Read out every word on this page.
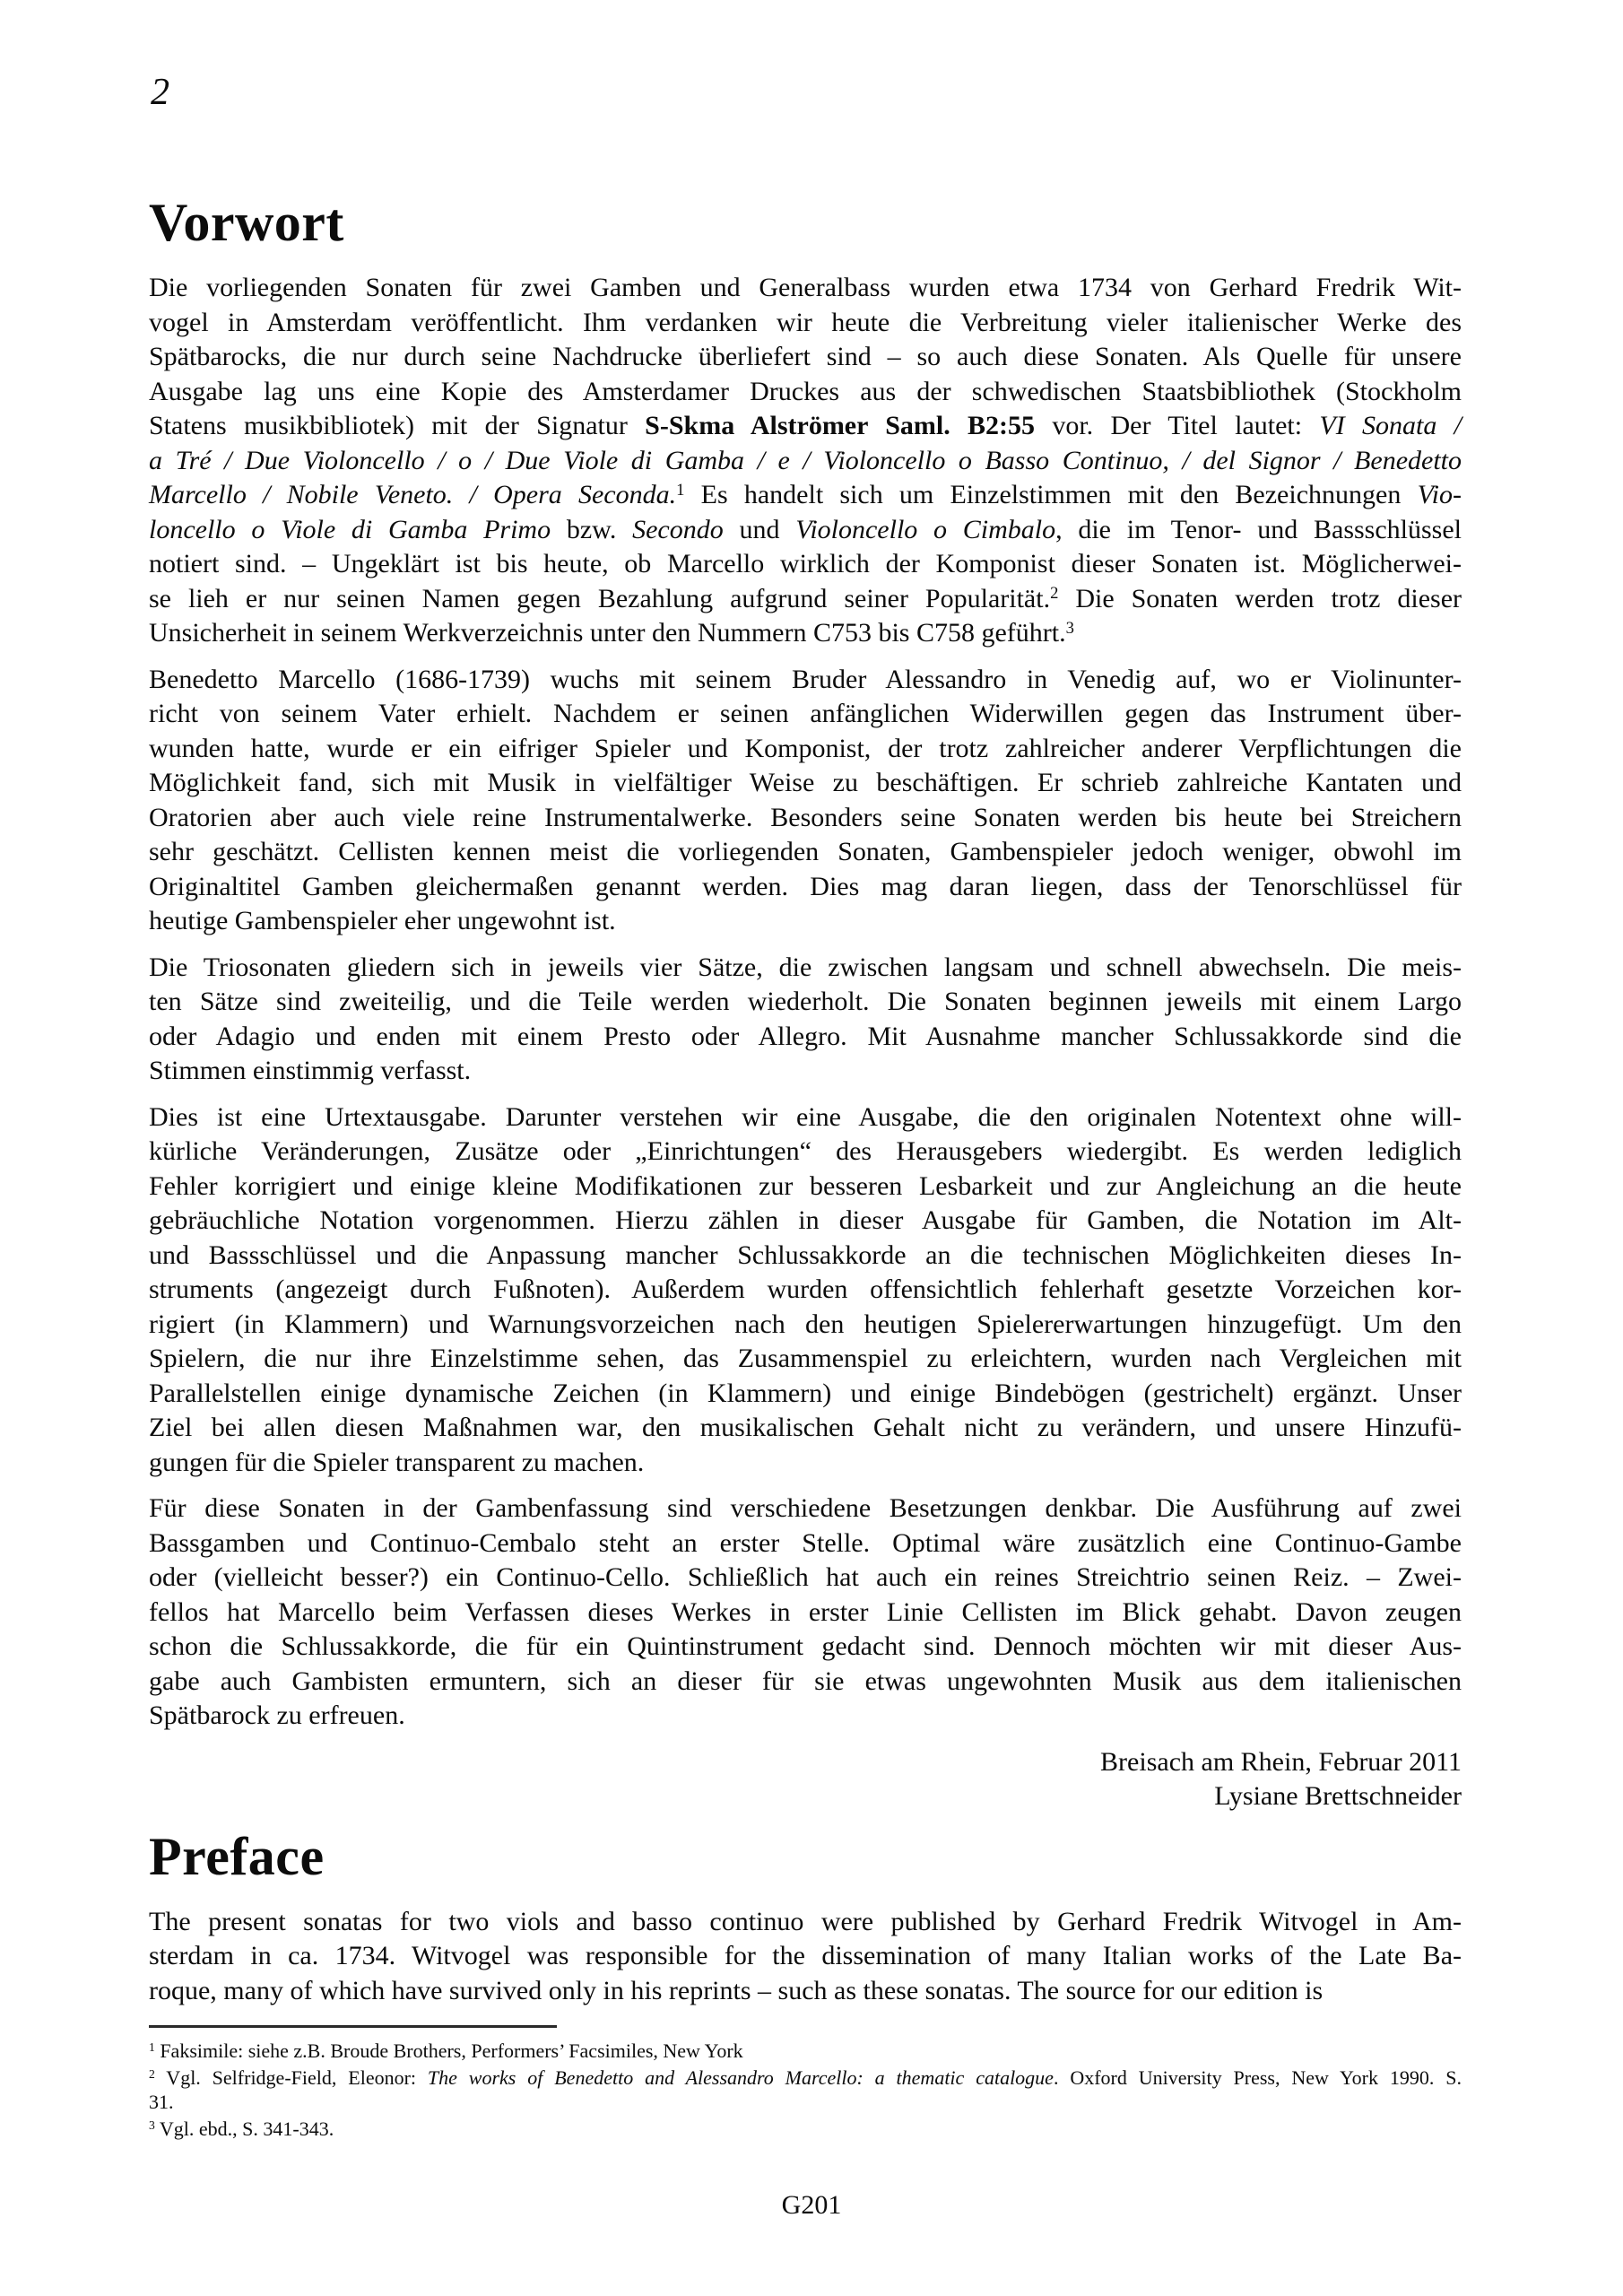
2
Vorwort
Die vorliegenden Sonaten für zwei Gamben und Generalbass wurden etwa 1734 von Gerhard Fredrik Wit-
vogel in Amsterdam veröffentlicht. Ihm verdanken wir heute die Verbreitung vieler italienischer Werke des
Spätbarocks, die nur durch seine Nachdrucke überliefert sind – so auch diese Sonaten. Als Quelle für unsere
Ausgabe lag uns eine Kopie des Amsterdamer Druckes aus der schwedischen Staatsbibliothek (Stockholm
Statens musikbibliotek) mit der Signatur S-Skma Alströmer Saml. B2:55 vor. Der Titel lautet: VI Sonata /
a Tré / Due Violoncello / o / Due Viole di Gamba / e / Violoncello o Basso Continuo, / del Signor / Benedetto
Marcello / Nobile Veneto. / Opera Seconda.$^1$ Es handelt sich um Einzelstimmen mit den Bezeichnungen Vio-
loncello o Viole di Gamba Primo bzw. Secondo und Violoncello o Cimbalo, die im Tenor- und Bassschlüssel
notiert sind. – Ungeklärt ist bis heute, ob Marcello wirklich der Komponist dieser Sonaten ist. Möglicherwei-
se lieh er nur seinen Namen gegen Bezahlung aufgrund seiner Popularität.$^2$ Die Sonaten werden trotz dieser
Unsicherheit in seinem Werkverzeichnis unter den Nummern C753 bis C758 geführt.$^3$
Benedetto Marcello (1686-1739) wuchs mit seinem Bruder Alessandro in Venedig auf, wo er Violinunter-
richt von seinem Vater erhielt. Nachdem er seinen anfänglichen Widerwillen gegen das Instrument über-
wunden hatte, wurde er ein eifriger Spieler und Komponist, der trotz zahlreicher anderer Verpflichtungen die
Möglichkeit fand, sich mit Musik in vielfältiger Weise zu beschäftigen. Er schrieb zahlreiche Kantaten und
Oratorien aber auch viele reine Instrumentalwerke. Besonders seine Sonaten werden bis heute bei Streichern
sehr geschätzt. Cellisten kennen meist die vorliegenden Sonaten, Gambenspieler jedoch weniger, obwohl im
Originaltitel Gamben gleichermaßen genannt werden. Dies mag daran liegen, dass der Tenorschlüssel für
heutige Gambenspieler eher ungewohnt ist.
Die Triosonaten gliedern sich in jeweils vier Sätze, die zwischen langsam und schnell abwechseln. Die meis-
ten Sätze sind zweiteilig, und die Teile werden wiederholt. Die Sonaten beginnen jeweils mit einem Largo
oder Adagio und enden mit einem Presto oder Allegro. Mit Ausnahme mancher Schlussakkorde sind die
Stimmen einstimmig verfasst.
Dies ist eine Urtextausgabe. Darunter verstehen wir eine Ausgabe, die den originalen Notentext ohne will-
kürliche Veränderungen, Zusätze oder „Einrichtungen“ des Herausgebers wiedergibt. Es werden lediglich
Fehler korrigiert und einige kleine Modifikationen zur besseren Lesbarkeit und zur Angleichung an die heute
gebräuchliche Notation vorgenommen. Hierzu zählen in dieser Ausgabe für Gamben, die Notation im Alt-
und Bassschlüssel und die Anpassung mancher Schlussakkorde an die technischen Möglichkeiten dieses In-
struments (angezeigt durch Fußnoten). Außerdem wurden offensichtlich fehlerhaft gesetzte Vorzeichen kor-
rigiert (in Klammern) und Warnungsvorzeichen nach den heutigen Spielererwartungen hinzugefügt. Um den
Spielern, die nur ihre Einzelstimme sehen, das Zusammenspiel zu erleichtern, wurden nach Vergleichen mit
Parallelstellen einige dynamische Zeichen (in Klammern) und einige Bindebögen (gestrichelt) ergänzt. Unser
Ziel bei allen diesen Maßnahmen war, den musikalischen Gehalt nicht zu verändern, und unsere Hinzufü-
gungen für die Spieler transparent zu machen.
Für diese Sonaten in der Gambenfassung sind verschiedene Besetzungen denkbar. Die Ausführung auf zwei
Bassgamben und Continuo-Cembalo steht an erster Stelle. Optimal wäre zusätzlich eine Continuo-Gambe
oder (vielleicht besser?) ein Continuo-Cello. Schließlich hat auch ein reines Streichtrio seinen Reiz. – Zwei-
fellos hat Marcello beim Verfassen dieses Werkes in erster Linie Cellisten im Blick gehabt. Davon zeugen
schon die Schlussakkorde, die für ein Quintinstrument gedacht sind. Dennoch möchten wir mit dieser Aus-
gabe auch Gambisten ermuntern, sich an dieser für sie etwas ungewohnten Musik aus dem italienischen
Spätbarock zu erfreuen.
Breisach am Rhein, Februar 2011
Lysiane Brettschneider
Preface
The present sonatas for two viols and basso continuo were published by Gerhard Fredrik Witvogel in Am-
sterdam in ca. 1734. Witvogel was responsible for the dissemination of many Italian works of the Late Ba-
roque, many of which have survived only in his reprints – such as these sonatas. The source for our edition is
$^1$ Faksimile: siehe z.B. Broude Brothers, Performers’ Facsimiles, New York
$^2$ Vgl. Selfridge-Field, Eleonor: The works of Benedetto and Alessandro Marcello: a thematic catalogue. Oxford University Press, New York 1990. S.
31.
$^3$ Vgl. ebd., S. 341-343.
G201
